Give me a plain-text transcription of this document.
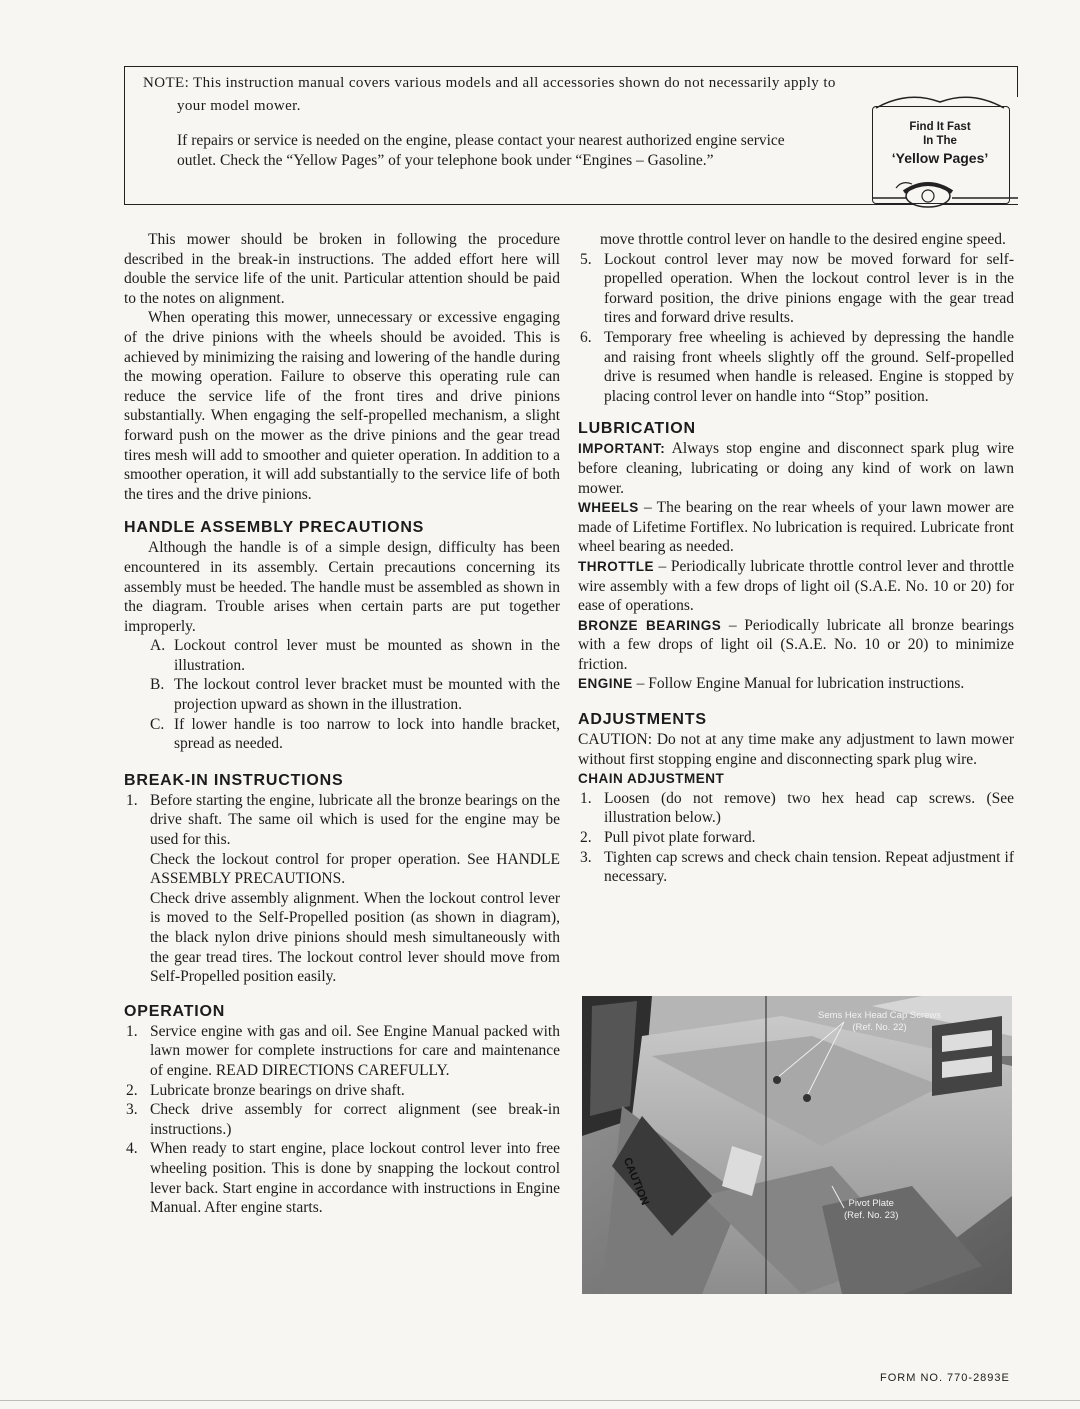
NOTE: This instruction manual covers various models and all accessories shown do not necessarily apply to
your model mower.
If repairs or service is needed on the engine, please contact your nearest authorized engine service outlet. Check the “Yellow Pages” of your telephone book under “Engines – Gasoline.”
Find It Fast
In The
‘Yellow Pages’

This mower should be broken in following the procedure described in the break-in instructions. The added effort here will double the service life of the unit. Particular attention should be paid to the notes on alignment.

When operating this mower, unnecessary or excessive engaging of the drive pinions with the wheels should be avoided. This is achieved by minimizing the raising and lowering of the handle during the mowing operation. Failure to observe this operating rule can reduce the service life of the front tires and drive pinions substantially. When engaging the self-propelled mechanism, a slight forward push on the mower as the drive pinions and the gear tread tires mesh will add to smoother and quieter operation. In addition to a smoother operation, it will add substantially to the service life of both the tires and the drive pinions.

HANDLE ASSEMBLY PRECAUTIONS

Although the handle is of a simple design, difficulty has been encountered in its assembly. Certain precautions concerning its assembly must be heeded. The handle must be assembled as shown in the diagram. Trouble arises when certain parts are put together improperly.

A. Lockout control lever must be mounted as shown in the illustration.
B. The lockout control lever bracket must be mounted with the projection upward as shown in the illustration.
C. If lower handle is too narrow to lock into handle bracket, spread as needed.
BREAK-IN INSTRUCTIONS
1. Before starting the engine, lubricate all the bronze bearings on the drive shaft. The same oil which is used for the engine may be used for this.

Check the lockout control for proper operation. See HANDLE ASSEMBLY PRECAUTIONS.

Check drive assembly alignment. When the lockout control lever is moved to the Self-Propelled position (as shown in diagram), the black nylon drive pinions should mesh simultaneously with the gear tread tires. The lockout control lever should move from Self-Propelled position easily.

OPERATION
1. Service engine with gas and oil. See Engine Manual packed with lawn mower for complete instructions for care and maintenance of engine. READ DIRECTIONS CAREFULLY.
2. Lubricate bronze bearings on drive shaft.
3. Check drive assembly for correct alignment (see break-in instructions.)
4. When ready to start engine, place lockout control lever into free wheeling position. This is done by snapping the lockout control lever back. Start engine in accordance with instructions in Engine Manual. After engine starts.

move throttle control lever on handle to the desired engine speed.

5. Lockout control lever may now be moved forward for self-propelled operation. When the lockout control lever is in the forward position, the drive pinions engage with the gear tread tires and forward drive results.
6. Temporary free wheeling is achieved by depressing the handle and raising front wheels slightly off the ground. Self-propelled drive is resumed when handle is released. Engine is stopped by placing control lever on handle into “Stop” position.
LUBRICATION

IMPORTANT: Always stop engine and disconnect spark plug wire before cleaning, lubricating or doing any kind of work on lawn mower.

WHEELS – The bearing on the rear wheels of your lawn mower are made of Lifetime Fortiflex. No lubrication is required. Lubricate front wheel bearing as needed.

THROTTLE – Periodically lubricate throttle control lever and throttle wire assembly with a few drops of light oil (S.A.E. No. 10 or 20) for ease of operations.

BRONZE BEARINGS – Periodically lubricate all bronze bearings with a few drops of light oil (S.A.E. No. 10 or 20) to minimize friction.

ENGINE – Follow Engine Manual for lubrication instructions.

ADJUSTMENTS

CAUTION: Do not at any time make any adjustment to lawn mower without first stopping engine and disconnecting spark plug wire.

CHAIN ADJUSTMENT
1. Loosen (do not remove) two hex head cap screws. (See illustration below.)
2. Pull pivot plate forward.
3. Tighten cap screws and check chain tension. Repeat adjustment if necessary.
Sems Hex Head Cap Screws
(Ref. No. 22)
Pivot Plate
(Ref. No. 23)
CAUTION
FORM NO. 770-2893E
